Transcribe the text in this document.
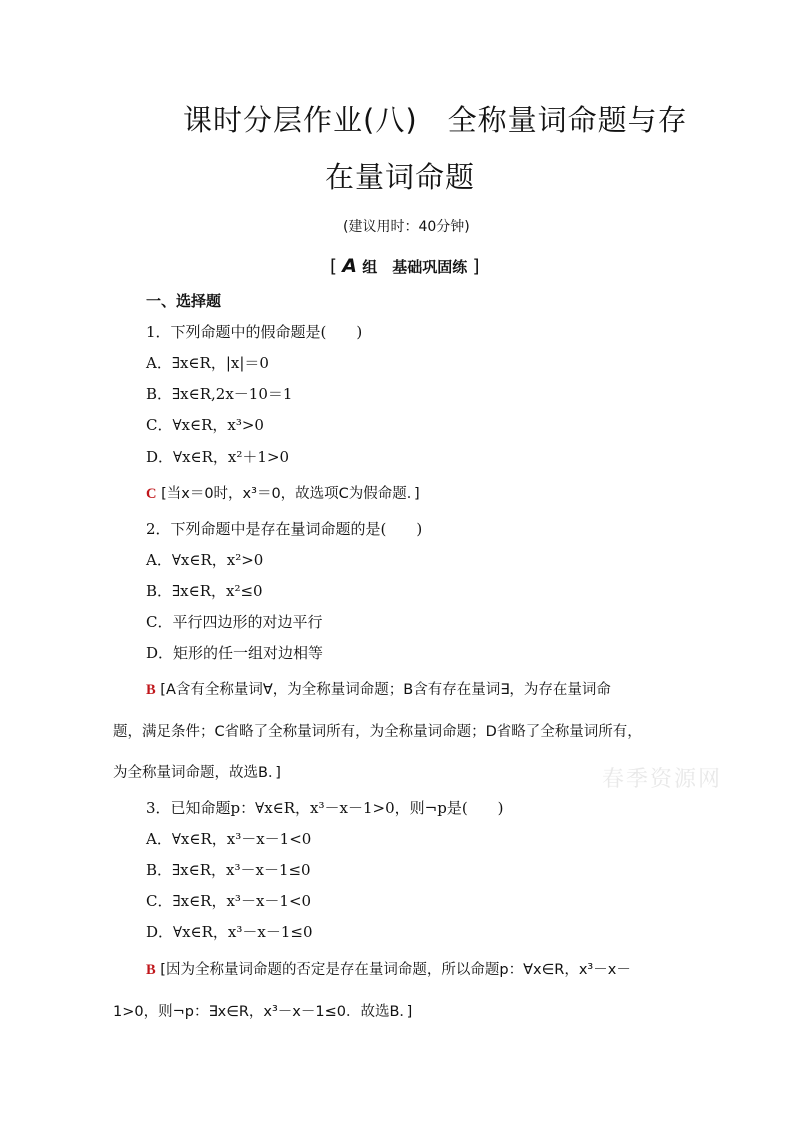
课时分层作业(八)　全称量词命题与存
在量词命题
(建议用时：40分钟)
[ A 组　基础巩固练 ]
一、选择题
1．下列命题中的假命题是(　　)
A．∃x∈R，|x|＝0
B．∃x∈R,2x－10＝1
C．∀x∈R，x³>0
D．∀x∈R，x²＋1>0
C [当x＝0时，x³＝0，故选项C为假命题．]
2．下列命题中是存在量词命题的是(　　)
A．∀x∈R，x²>0
B．∃x∈R，x²≤0
C．平行四边形的对边平行
D．矩形的任一组对边相等
B [A含有全称量词∀，为全称量词命题；B含有存在量词∃，为存在量词命
题，满足条件；C省略了全称量词所有，为全称量词命题；D省略了全称量词所有，
为全称量词命题，故选B．]
3．已知命题p：∀x∈R，x³－x－1>0，则¬p是(　　)
A．∀x∈R，x³－x－1<0
B．∃x∈R，x³－x－1≤0
C．∃x∈R，x³－x－1<0
D．∀x∈R，x³－x－1≤0
B [因为全称量词命题的否定是存在量词命题，所以命题p：∀x∈R，x³－x－
1>0，则¬p：∃x∈R，x³－x－1≤0．故选B．]
春季资源网
